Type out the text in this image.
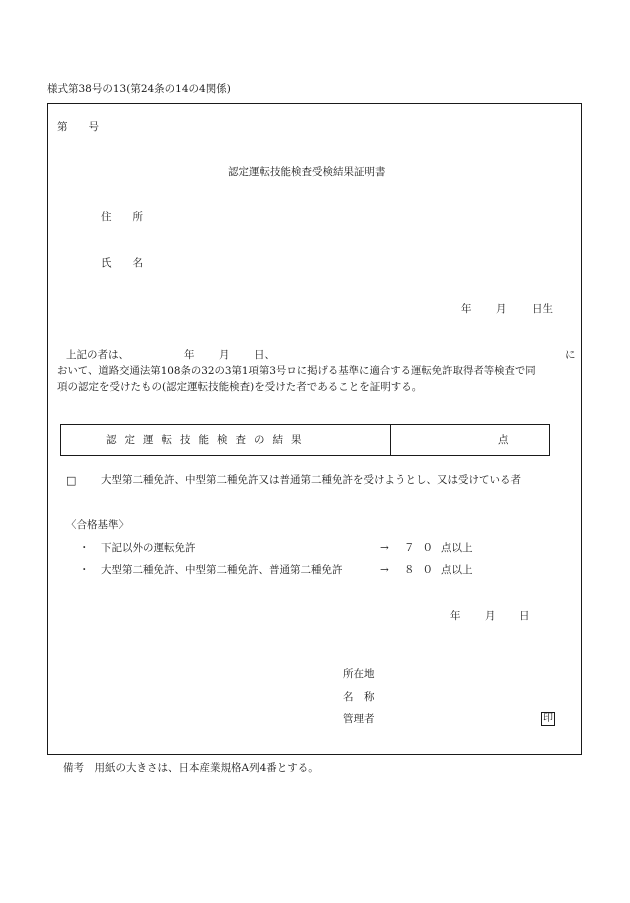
様式第38号の13(第24条の14の4関係)
第　　号
認定運転技能検査受検結果証明書
住　　所
氏　　名
年 月 日生
上記の者は、	年 月 日、	に
おいて、道路交通法第108条の32の3第1項第3号ロに掲げる基準に適合する運転免許取得者等検査で同
項の認定を受けたもの(認定運転技能検査)を受けた者であることを証明する。
認定運転技能検査の結果	点
□ 大型第二種免許、中型第二種免許又は普通第二種免許を受けようとし、又は受けている者
〈合格基準〉
・ 下記以外の運転免許	→ ７０ 点以上
・ 大型第二種免許、中型第二種免許、普通第二種免許	→ ８０ 点以上
年 月 日
所在地
名　称
管理者	印
備考　用紙の大きさは、日本産業規格A列4番とする。
